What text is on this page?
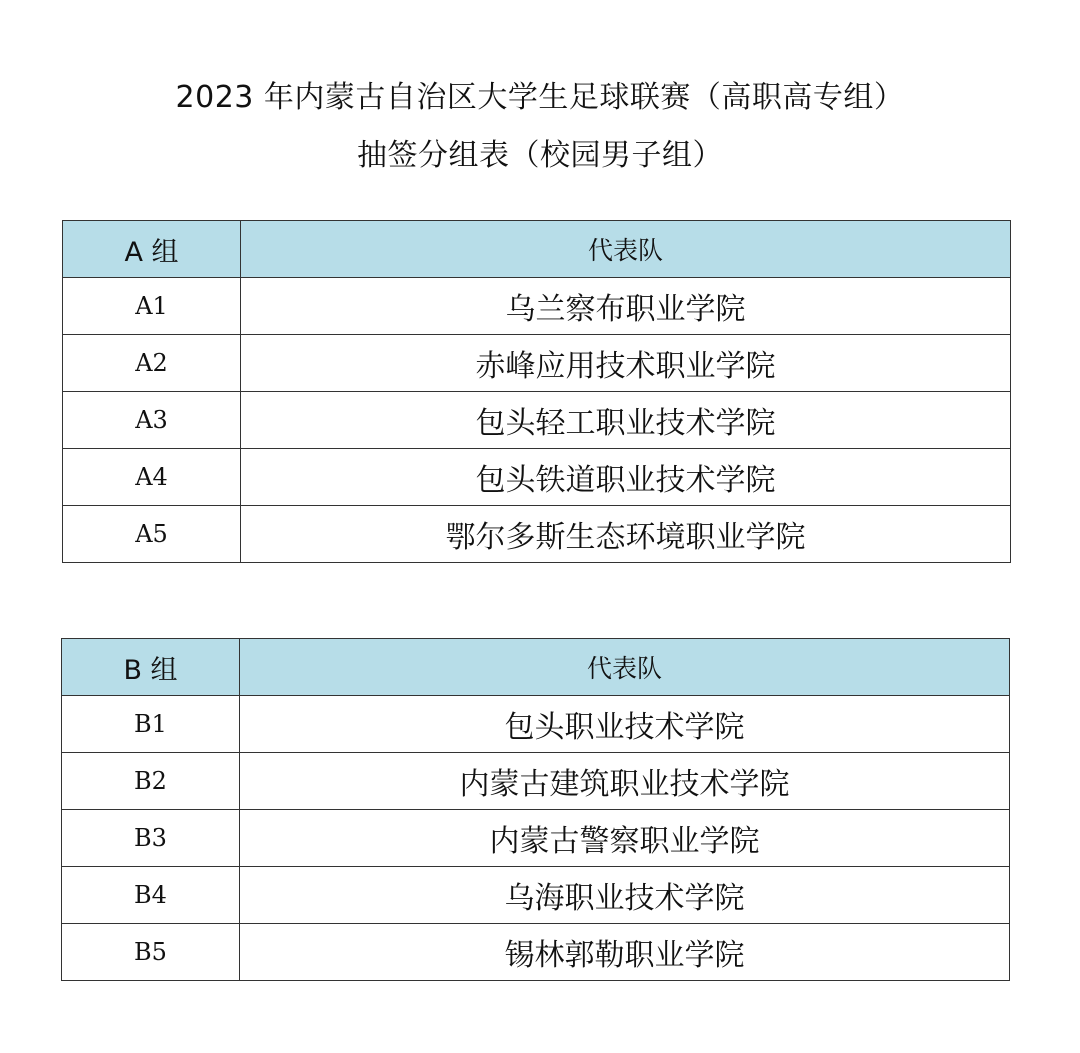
2023 年内蒙古自治区大学生足球联赛（高职高专组）
抽签分组表（校园男子组）
A 组	代表队
A1	乌兰察布职业学院
A2	赤峰应用技术职业学院
A3	包头轻工职业技术学院
A4	包头铁道职业技术学院
A5	鄂尔多斯生态环境职业学院
B 组	代表队
B1	包头职业技术学院
B2	内蒙古建筑职业技术学院
B3	内蒙古警察职业学院
B4	乌海职业技术学院
B5	锡林郭勒职业学院
